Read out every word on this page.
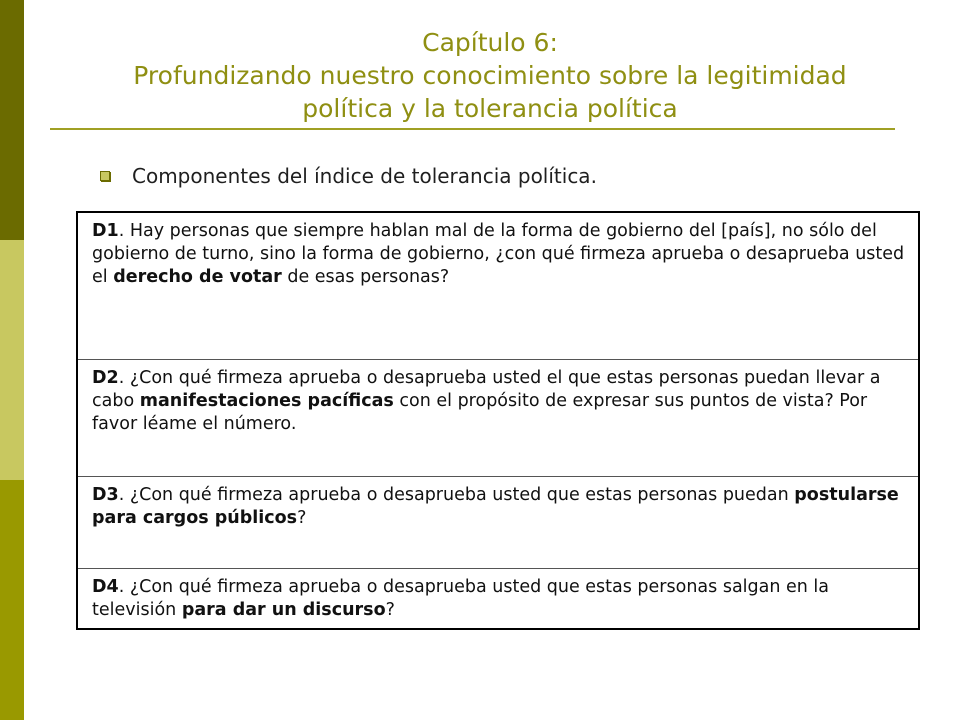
Capítulo 6:
Profundizando nuestro conocimiento sobre la legitimidad
política y la tolerancia política
Componentes del índice de tolerancia política.
D1. Hay personas que siempre hablan mal de la forma de gobierno del [país], no sólo del gobierno de turno, sino la forma de gobierno, ¿con qué firmeza aprueba o desaprueba usted el derecho de votar de esas personas?
D2. ¿Con qué firmeza aprueba o desaprueba usted el que estas personas puedan llevar a cabo manifestaciones pacíficas con el propósito de expresar sus puntos de vista? Por favor léame el número.
D3. ¿Con qué firmeza aprueba o desaprueba usted que estas personas puedan postularse para cargos públicos?
D4. ¿Con qué firmeza aprueba o desaprueba usted que estas personas salgan en la televisión para dar un discurso?
